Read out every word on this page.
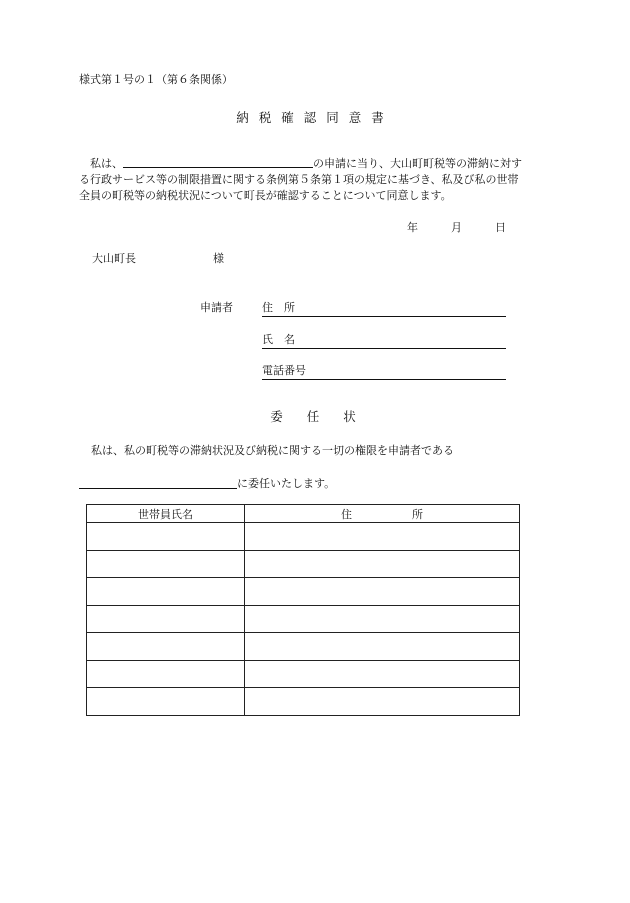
様式第１号の１（第６条関係）
納税確認同意書
私は、	の申請に当り、大山町町税等の滞納に対する行政サービス等の制限措置に関する条例第５条第１項の規定に基づき、私及び私の世帯全員の町税等の納税状況について町長が確認することについて同意します。
年	月	日
大山町長	様
申請者	住　所
氏　名
電話番号
委任状
私は、私の町税等の滞納状況及び納税に関する一切の権限を申請者である
に委任いたします。
世帯員氏名	住所
